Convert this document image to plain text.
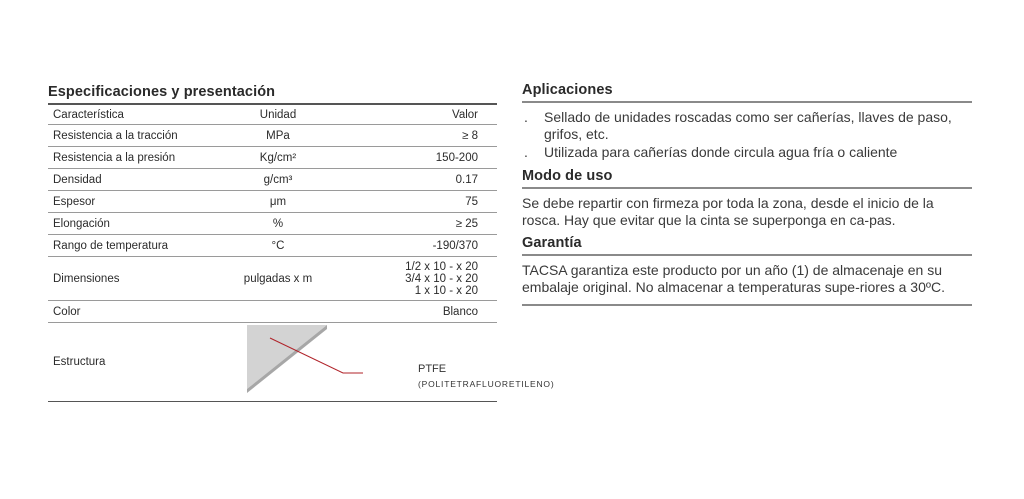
Especificaciones y presentación
Característica	Unidad	Valor
Resistencia a la tracción	MPa	≥ 8
Resistencia a la presión	Kg/cm²	150-200
Densidad	g/cm³	0.17
Espesor	μm	75
Elongación	%	≥ 25
Rango de temperatura	°C	-190/370
Dimensiones	pulgadas x m	1/2 x 10 - x 20
3/4 x 10 - x 20
1 x 10 - x 20

Color		Blanco
Estructura	PTFE
(POLITETRAFLUORETILENO)	
Aplicaciones
.	Sellado de unidades roscadas como ser cañerías, llaves de paso, grifos, etc.
.	Utilizada para cañerías donde circula agua fría o caliente
Modo de uso
Se debe repartir con firmeza por toda la zona, desde el inicio de la rosca. Hay que evitar que la cinta se superponga en ca-pas.
Garantía
TACSA garantiza este producto por un año (1) de almacenaje en su embalaje original. No almacenar a temperaturas supe-riores a 30ºC.
